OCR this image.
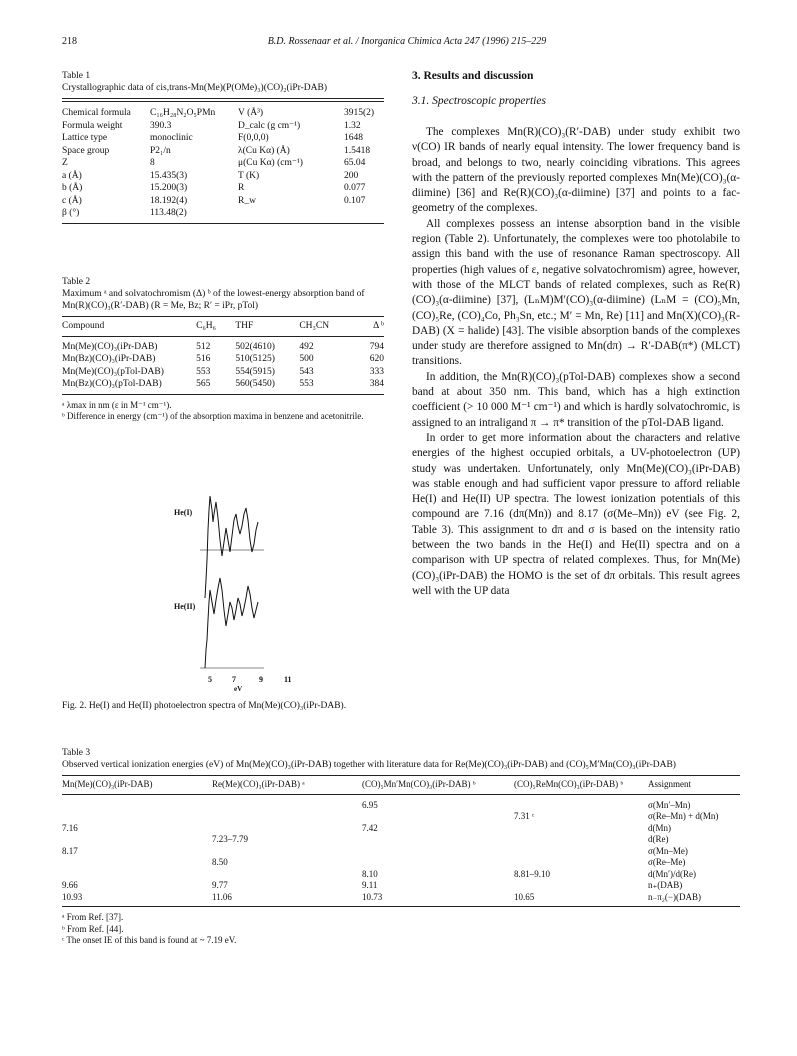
218	B.D. Rossenaar et al. / Inorganica Chimica Acta 247 (1996) 215–229
Table 1
Crystallographic data of cis,trans-Mn(Me)(P(OMe)₃)(CO)₂(iPr-DAB)
Chemical formula	C₁₆H₂₈N₂O₅PMn	V (Å³)	3915(2)
Formula weight	390.3	D_calc (g cm⁻¹)	1.32
Lattice type	monoclinic	F(0,0,0)	1648
Space group	P2₁/n	λ(Cu Kα) (Å)	1.5418
Z	8	μ(Cu Kα) (cm⁻¹)	65.04
a (Å)	15.435(3)	T (K)	200
b (Å)	15.200(3)	R	0.077
c (Å)	18.192(4)	R_w	0.107
β (°)	113.48(2)		
Table 2
Maximum ᵃ and solvatochromism (Δ) ᵇ of the lowest-energy absorption band of Mn(R)(CO)₃(R′-DAB) (R = Me, Bz; R′ = iPr, pTol)
Compound	C₆H₆	THF	CH₃CN	Δ ᵇ
Mn(Me)(CO)₃(iPr-DAB)	512	502(4610)	492	794
Mn(Bz)(CO)₃(iPr-DAB)	516	510(5125)	500	620
Mn(Me)(CO)₃(pTol-DAB)	553	554(5915)	543	333
Mn(Bz)(CO)₃(pTol-DAB)	565	560(5450)	553	384
ᵃ λmax in nm (ε in M⁻¹ cm⁻¹).
ᵇ Difference in energy (cm⁻¹) of the absorption maxima in benzene and acetonitrile.
He(I)
He(II)
5	7	9	11
eV
Fig. 2. He(I) and He(II) photoelectron spectra of Mn(Me)(CO)₃(iPr-DAB).
3. Results and discussion
3.1. Spectroscopic properties

The complexes Mn(R)(CO)₃(R′-DAB) under study exhibit two ν(CO) IR bands of nearly equal intensity. The lower frequency band is broad, and belongs to two, nearly coinciding vibrations. This agrees with the pattern of the previously reported complexes Mn(Me)(CO)₃(α-diimine) [36] and Re(R)(CO)₃(α-diimine) [37] and points to a fac-geometry of the complexes.

All complexes possess an intense absorption band in the visible region (Table 2). Unfortunately, the complexes were too photolabile to assign this band with the use of resonance Raman spectroscopy. All properties (high values of ε, negative solvatochromism) agree, however, with those of the MLCT bands of related complexes, such as Re(R)(CO)₃(α-diimine) [37], (LₙM)M′(CO)₃(α-diimine) (LₙM = (CO)₅Mn, (CO)₅Re, (CO)₄Co, Ph₃Sn, etc.; M′ = Mn, Re) [11] and Mn(X)(CO)₃(R-DAB) (X = halide) [43]. The visible absorption bands of the complexes under study are therefore assigned to Mn(dπ) → R′-DAB(π*) (MLCT) transitions.

In addition, the Mn(R)(CO)₃(pTol-DAB) complexes show a second band at about 350 nm. This band, which has a high extinction coefficient (> 10 000 M⁻¹ cm⁻¹) and which is hardly solvatochromic, is assigned to an intraligand π → π* transition of the pTol-DAB ligand.

In order to get more information about the characters and relative energies of the highest occupied orbitals, a UV-photoelectron (UP) study was undertaken. Unfortunately, only Mn(Me)(CO)₃(iPr-DAB) was stable enough and had sufficient vapor pressure to afford reliable He(I) and He(II) UP spectra. The lowest ionization potentials of this compound are 7.16 (dπ(Mn)) and 8.17 (σ(Me–Mn)) eV (see Fig. 2, Table 3). This assignment to dπ and σ is based on the intensity ratio between the two bands in the He(I) and He(II) spectra and on a comparison with UP spectra of related complexes. Thus, for Mn(Me)(CO)₃(iPr-DAB) the HOMO is the set of dπ orbitals. This result agrees well with the UP data

Table 3
Observed vertical ionization energies (eV) of Mn(Me)(CO)₃(iPr-DAB) together with literature data for Re(Me)(CO)₃(iPr-DAB) and (CO)₅M′Mn(CO)₃(iPr-DAB)
Mn(Me)(CO)₃(iPr-DAB)	Re(Me)(CO)₃(iPr-DAB) ᵃ	(CO)₅Mn′Mn(CO)₃(iPr-DAB) ᵇ	(CO)₅ReMn(CO)₃(iPr-DAB) ᵇ	Assignment
		6.95		σ(Mn′–Mn)
			7.31 ᶜ	σ(Re–Mn) + d(Mn)
7.16		7.42		d(Mn)
	7.23–7.79			d(Re)
8.17				σ(Mn–Me)
	8.50			σ(Re–Me)
		8.10	8.81–9.10	d(Mn′)/d(Re)
9.66	9.77	9.11		n₊(DAB)
10.93	11.06	10.73	10.65	n₋π₂(−)(DAB)
ᵃ From Ref. [37].
ᵇ From Ref. [44].
ᶜ The onset IE of this band is found at ~ 7.19 eV.
